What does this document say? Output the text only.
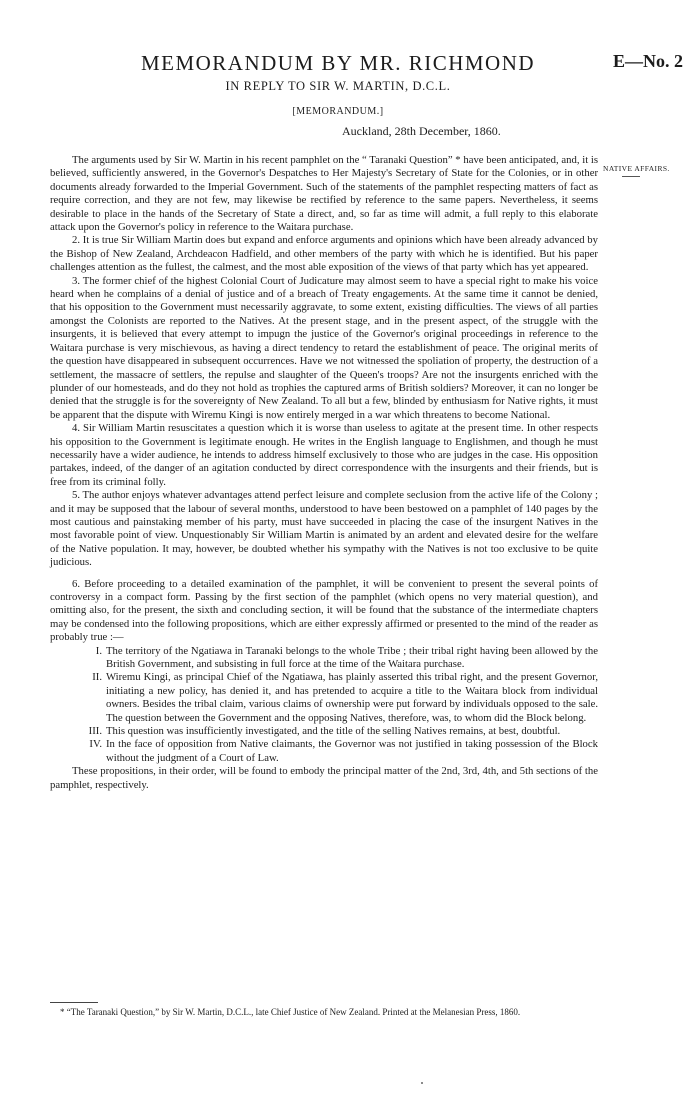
MEMORANDUM BY MR. RICHMOND	E—No. 2
IN REPLY TO SIR W. MARTIN, D.C.L.
[MEMORANDUM.]
Auckland, 28th December, 1860.
NATIVE AFFAIRS.

The arguments used by Sir W. Martin in his recent pamphlet on the “ Taranaki Question” * have been anticipated, and, it is believed, sufficiently answered, in the Governor's Despatches to Her Majesty's Secretary of State for the Colonies, or in other documents already forwarded to the Imperial Government. Such of the statements of the pamphlet respecting matters of fact as require correction, and they are not few, may likewise be rectified by reference to the same papers. Nevertheless, it seems desirable to place in the hands of the Secretary of State a direct, and, so far as time will admit, a full reply to this elaborate attack upon the Governor's policy in reference to the Waitara purchase.

2. It is true Sir William Martin does but expand and enforce arguments and opinions which have been already advanced by the Bishop of New Zealand, Archdeacon Hadfield, and other members of the party with which he is identified. But his paper challenges attention as the fullest, the calmest, and the most able exposition of the views of that party which has yet appeared.

3. The former chief of the highest Colonial Court of Judicature may almost seem to have a special right to make his voice heard when he complains of a denial of justice and of a breach of Treaty engagements. At the same time it cannot be denied, that his opposition to the Government must necessarily aggravate, to some extent, existing difficulties. The views of all parties amongst the Colonists are reported to the Natives. At the present stage, and in the present aspect, of the struggle with the insurgents, it is believed that every attempt to impugn the justice of the Governor's original proceedings in reference to the Waitara purchase is very mischievous, as having a direct tendency to retard the establishment of peace. The original merits of the question have disappeared in subsequent occurrences. Have we not witnessed the spoliation of property, the destruction of a settlement, the massacre of settlers, the repulse and slaughter of the Queen's troops? Are not the insurgents enriched with the plunder of our homesteads, and do they not hold as trophies the captured arms of British soldiers? Moreover, it can no longer be denied that the struggle is for the sovereignty of New Zealand. To all but a few, blinded by enthusiasm for Native rights, it must be apparent that the dispute with Wiremu Kingi is now entirely merged in a war which threatens to become National.

4. Sir William Martin resuscitates a question which it is worse than useless to agitate at the present time. In other respects his opposition to the Government is legitimate enough. He writes in the English language to Englishmen, and though he must necessarily have a wider audience, he intends to address himself exclusively to those who are judges in the case. His opposition partakes, indeed, of the danger of an agitation conducted by direct correspondence with the insurgents and their friends, but is free from its criminal folly.

5. The author enjoys whatever advantages attend perfect leisure and complete seclusion from the active life of the Colony ; and it may be supposed that the labour of several months, understood to have been bestowed on a pamphlet of 140 pages by the most cautious and painstaking member of his party, must have succeeded in placing the case of the insurgent Natives in the most favorable point of view. Unquestionably Sir William Martin is animated by an ardent and elevated desire for the welfare of the Native population. It may, however, be doubted whether his sympathy with the Natives is not too exclusive to be quite judicious.

6. Before proceeding to a detailed examination of the pamphlet, it will be convenient to present the several points of controversy in a compact form. Passing by the first section of the pamphlet (which opens no very material question), and omitting also, for the present, the sixth and concluding section, it will be found that the substance of the intermediate chapters may be condensed into the following propositions, which are either expressly affirmed or presented to the mind of the reader as probably true :—

I. The territory of the Ngatiawa in Taranaki belongs to the whole Tribe ; their tribal right having been allowed by the British Government, and subsisting in full force at the time of the Waitara purchase.
II. Wiremu Kingi, as principal Chief of the Ngatiawa, has plainly asserted this tribal right, and the present Governor, initiating a new policy, has denied it, and has pretended to acquire a title to the Waitara block from individual owners. Besides the tribal claim, various claims of ownership were put forward by individuals opposed to the sale. The question between the Government and the opposing Natives, therefore, was, to whom did the Block belong.
III. This question was insufficiently investigated, and the title of the selling Natives remains, at best, doubtful.
IV. In the face of opposition from Native claimants, the Governor was not justified in taking possession of the Block without the judgment of a Court of Law.

These propositions, in their order, will be found to embody the principal matter of the 2nd, 3rd, 4th, and 5th sections of the pamphlet, respectively.

* “The Taranaki Question,” by Sir W. Martin, D.C.L., late Chief Justice of New Zealand. Printed at the Melanesian Press, 1860.
